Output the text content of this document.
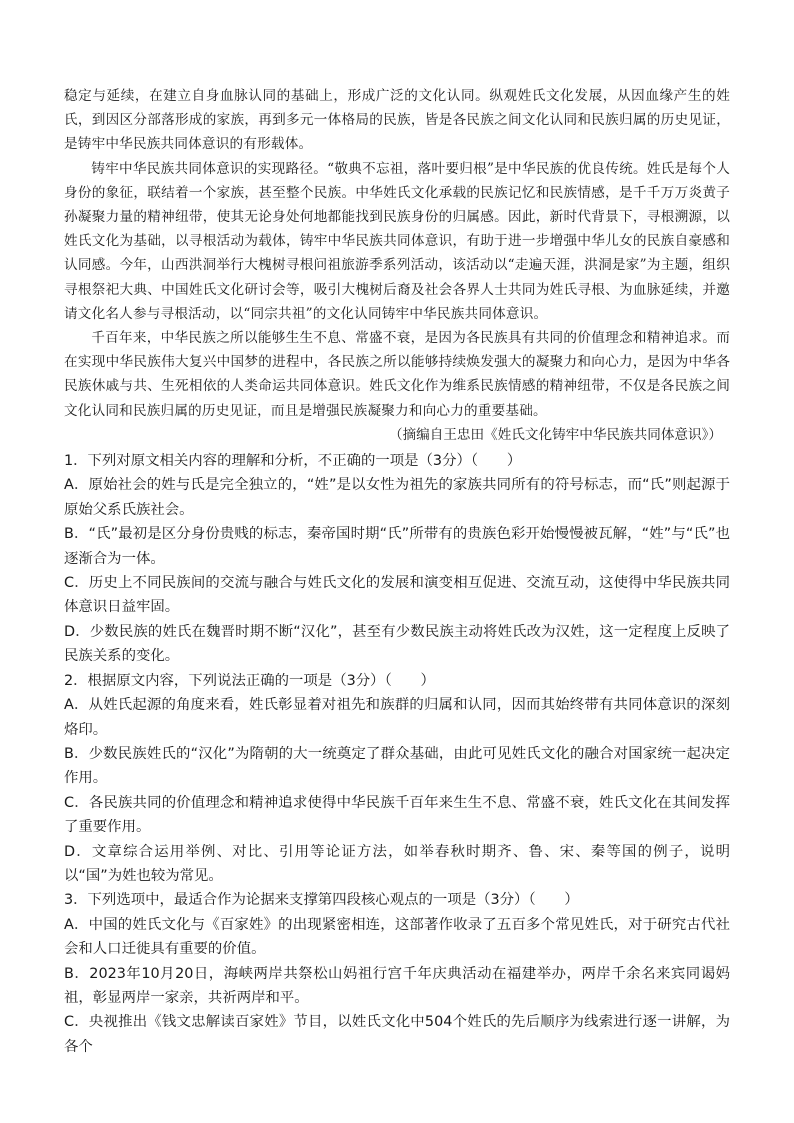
稳定与延续，在建立自身血脉认同的基础上，形成广泛的文化认同。纵观姓氏文化发展，从因血缘产生的姓氏，到因区分部落形成的家族，再到多元一体格局的民族，皆是各民族之间文化认同和民族归属的历史见证，是铸牢中华民族共同体意识的有形载体。

铸牢中华民族共同体意识的实现路径。“敬典不忘祖，落叶要归根”是中华民族的优良传统。姓氏是每个人身份的象征，联结着一个家族，甚至整个民族。中华姓氏文化承载的民族记忆和民族情感，是千千万万炎黄子孙凝聚力量的精神纽带，使其无论身处何地都能找到民族身份的归属感。因此，新时代背景下，寻根溯源，以姓氏文化为基础，以寻根活动为载体，铸牢中华民族共同体意识，有助于进一步增强中华儿女的民族自豪感和认同感。今年，山西洪洞举行大槐树寻根问祖旅游季系列活动，该活动以“走遍天涯，洪洞是家”为主题，组织寻根祭祀大典、中国姓氏文化研讨会等，吸引大槐树后裔及社会各界人士共同为姓氏寻根、为血脉延续，并邀请文化名人参与寻根活动，以“同宗共祖”的文化认同铸牢中华民族共同体意识。

千百年来，中华民族之所以能够生生不息、常盛不衰，是因为各民族具有共同的价值理念和精神追求。而在实现中华民族伟大复兴中国梦的进程中，各民族之所以能够持续焕发强大的凝聚力和向心力，是因为中华各民族休戚与共、生死相依的人类命运共同体意识。姓氏文化作为维系民族情感的精神纽带，不仅是各民族之间文化认同和民族归属的历史见证，而且是增强民族凝聚力和向心力的重要基础。

（摘编自王忠田《姓氏文化铸牢中华民族共同体意识》）

1．下列对原文相关内容的理解和分析，不正确的一项是（3分）（　　）

A．原始社会的姓与氏是完全独立的，“姓”是以女性为祖先的家族共同所有的符号标志，而“氏”则起源于原始父系氏族社会。

B．“氏”最初是区分身份贵贱的标志，秦帝国时期“氏”所带有的贵族色彩开始慢慢被瓦解，“姓”与“氏”也逐渐合为一体。

C．历史上不同民族间的交流与融合与姓氏文化的发展和演变相互促进、交流互动，这使得中华民族共同体意识日益牢固。

D．少数民族的姓氏在魏晋时期不断“汉化”，甚至有少数民族主动将姓氏改为汉姓，这一定程度上反映了民族关系的变化。

2．根据原文内容，下列说法正确的一项是（3分）（　　）

A．从姓氏起源的角度来看，姓氏彰显着对祖先和族群的归属和认同，因而其始终带有共同体意识的深刻烙印。

B．少数民族姓氏的“汉化”为隋朝的大一统奠定了群众基础，由此可见姓氏文化的融合对国家统一起决定作用。

C．各民族共同的价值理念和精神追求使得中华民族千百年来生生不息、常盛不衰，姓氏文化在其间发挥了重要作用。

D．文章综合运用举例、对比、引用等论证方法，如举春秋时期齐、鲁、宋、秦等国的例子，说明以“国”为姓也较为常见。

3．下列选项中，最适合作为论据来支撑第四段核心观点的一项是（3分）（　　）

A．中国的姓氏文化与《百家姓》的出现紧密相连，这部著作收录了五百多个常见姓氏，对于研究古代社会和人口迁徙具有重要的价值。

B．2023年10月20日，海峡两岸共祭松山妈祖行宫千年庆典活动在福建举办，两岸千余名来宾同谒妈祖，彰显两岸一家亲，共祈两岸和平。

C．央视推出《钱文忠解读百家姓》节目，以姓氏文化中504个姓氏的先后顺序为线索进行逐一讲解，为各个
